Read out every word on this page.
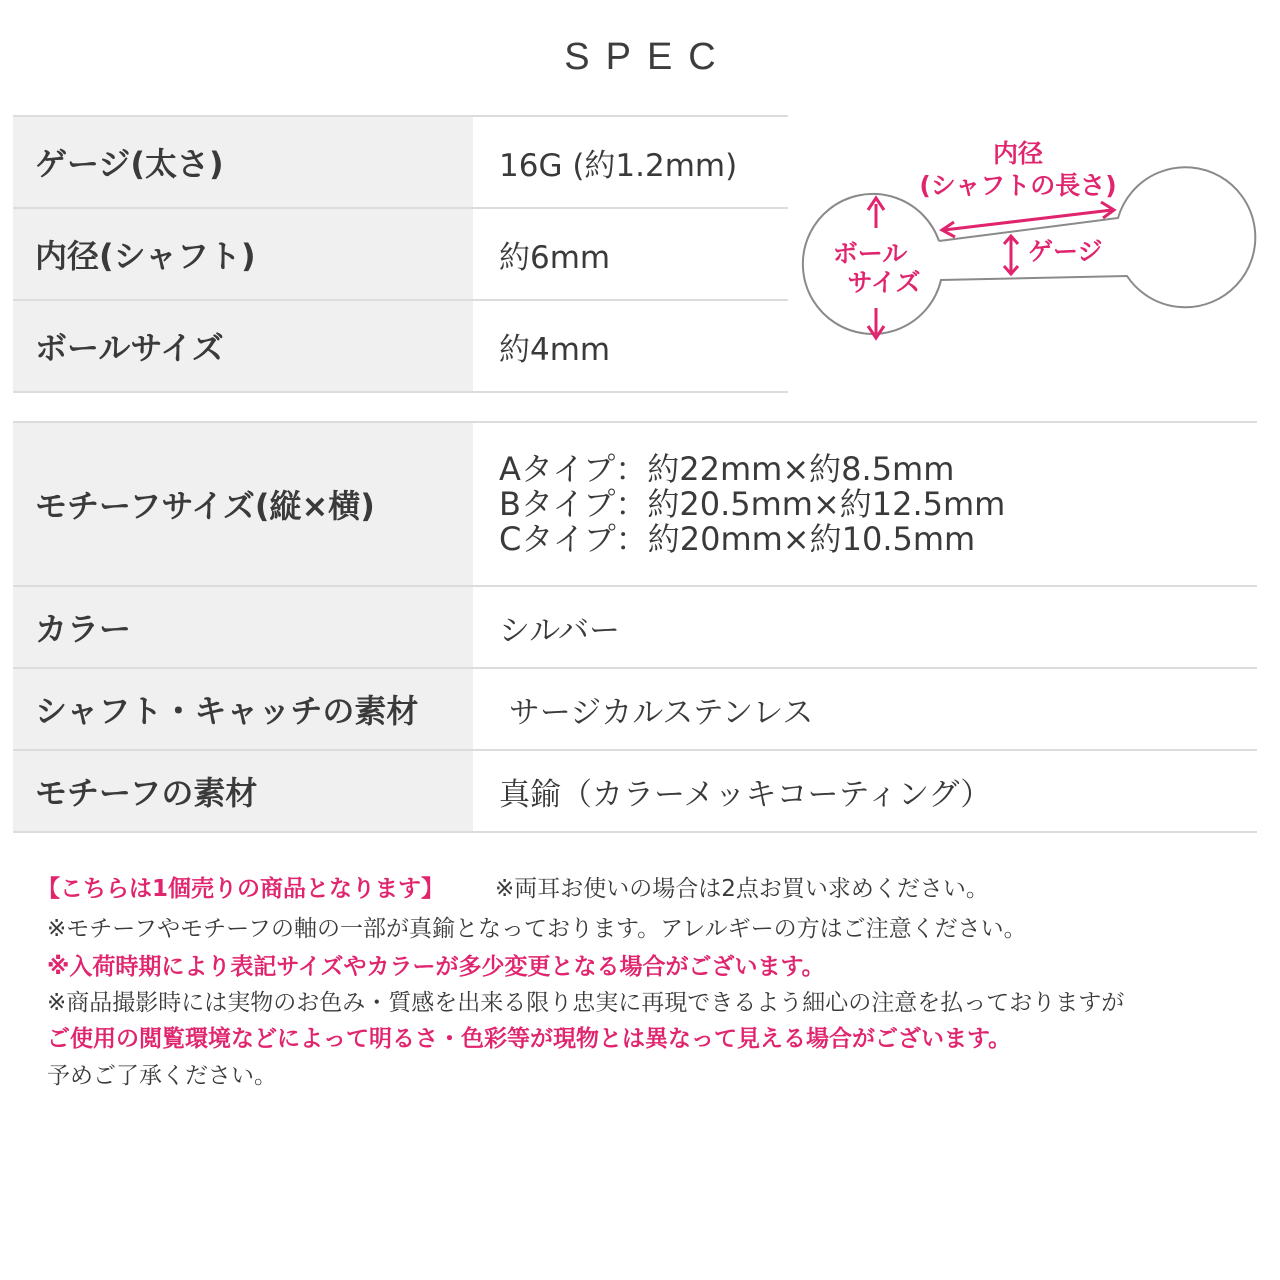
SPEC
ゲージ(太さ)	16G (約1.2mm)
内径(シャフト)	約6mm
ボールサイズ	約4mm
内径
(シャフトの長さ)
ボール
サイズ
ゲージ
モチーフサイズ(縦×横)	Aタイプ：約22mm×約8.5mm
Bタイプ：約20.5mm×約12.5mm
Cタイプ：約20mm×約10.5mm

カラー	シルバー
シャフト・キャッチの素材	サージカルステンレス
モチーフの素材	真鍮（カラーメッキコーティング）
【こちらは1個売りの商品となります】 ※両耳お使いの場合は2点お買い求めください。
※モチーフやモチーフの軸の一部が真鍮となっております。アレルギーの方はご注意ください。
※入荷時期により表記サイズやカラーが多少変更となる場合がございます。
※商品撮影時には実物のお色み・質感を出来る限り忠実に再現できるよう細心の注意を払っておりますが
ご使用の閲覧環境などによって明るさ・色彩等が現物とは異なって見える場合がございます。
予めご了承ください。
